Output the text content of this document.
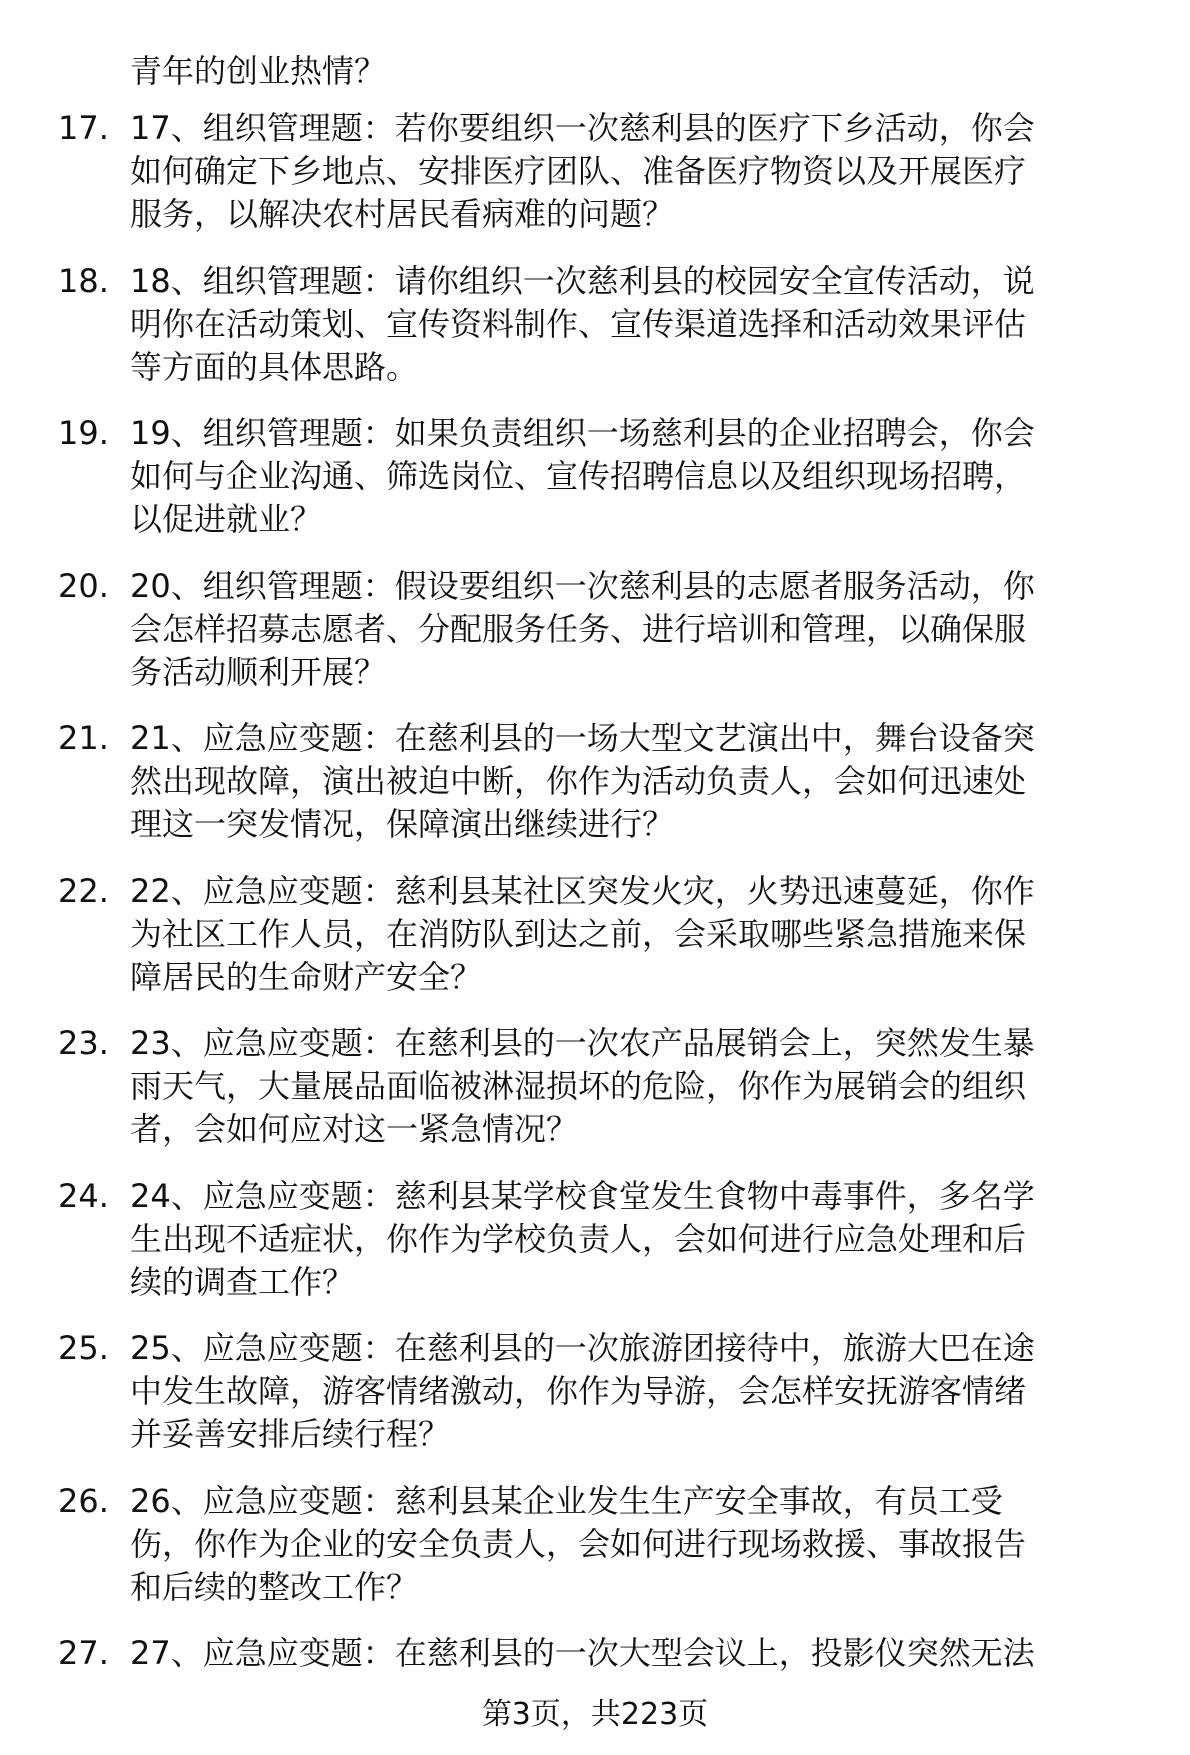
青年的创业热情？
17. 17、组织管理题：若你要组织一次慈利县的医疗下乡活动，你会
如何确定下乡地点、安排医疗团队、准备医疗物资以及开展医疗
服务，以解决农村居民看病难的问题？
18. 18、组织管理题：请你组织一次慈利县的校园安全宣传活动，说
明你在活动策划、宣传资料制作、宣传渠道选择和活动效果评估
等方面的具体思路。
19. 19、组织管理题：如果负责组织一场慈利县的企业招聘会，你会
如何与企业沟通、筛选岗位、宣传招聘信息以及组织现场招聘，
以促进就业？
20. 20、组织管理题：假设要组织一次慈利县的志愿者服务活动，你
会怎样招募志愿者、分配服务任务、进行培训和管理，以确保服
务活动顺利开展？
21. 21、应急应变题：在慈利县的一场大型文艺演出中，舞台设备突
然出现故障，演出被迫中断，你作为活动负责人，会如何迅速处
理这一突发情况，保障演出继续进行？
22. 22、应急应变题：慈利县某社区突发火灾，火势迅速蔓延，你作
为社区工作人员，在消防队到达之前，会采取哪些紧急措施来保
障居民的生命财产安全？
23. 23、应急应变题：在慈利县的一次农产品展销会上，突然发生暴
雨天气，大量展品面临被淋湿损坏的危险，你作为展销会的组织
者，会如何应对这一紧急情况？
24. 24、应急应变题：慈利县某学校食堂发生食物中毒事件，多名学
生出现不适症状，你作为学校负责人，会如何进行应急处理和后
续的调查工作？
25. 25、应急应变题：在慈利县的一次旅游团接待中，旅游大巴在途
中发生故障，游客情绪激动，你作为导游，会怎样安抚游客情绪
并妥善安排后续行程？
26. 26、应急应变题：慈利县某企业发生生产安全事故，有员工受
伤，你作为企业的安全负责人，会如何进行现场救援、事故报告
和后续的整改工作？
27. 27、应急应变题：在慈利县的一次大型会议上，投影仪突然无法
第3页，共223页
